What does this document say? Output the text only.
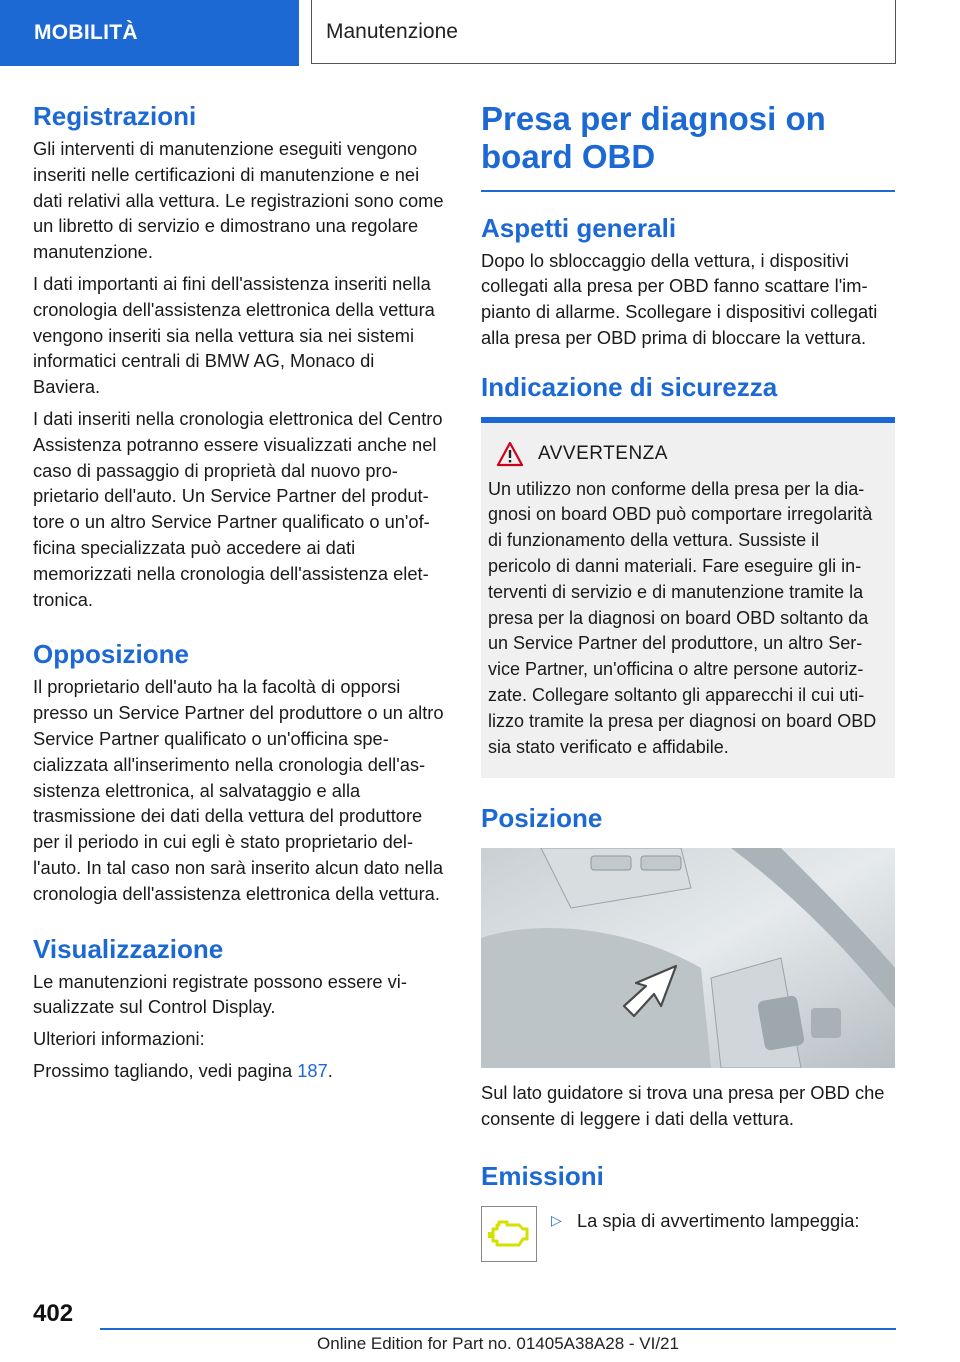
MOBILITÀ	Manutenzione
Registrazioni

Gli interventi di manutenzione eseguiti vengono inseriti nelle certificazioni di manutenzione e nei dati relativi alla vettura. Le registrazioni sono come un libretto di servizio e dimostrano una regolare manutenzione.

I dati importanti ai fini dell'assistenza inseriti nella cronologia dell'assistenza elettronica della vettura vengono inseriti sia nella vettura sia nei sistemi informatici centrali di BMW AG, Monaco di Baviera.

I dati inseriti nella cronologia elettronica del Centro Assistenza potranno essere visualizzati anche nel caso di passaggio di proprietà dal nuovo proprietario dell'auto. Un Service Partner del produttore o un altro Service Partner qualificato o un'officina specializzata può accedere ai dati memorizzati nella cronologia dell'assistenza elettronica.

Opposizione

Il proprietario dell'auto ha la facoltà di opporsi presso un Service Partner del produttore o un altro Service Partner qualificato o un'officina specializzata all'inserimento nella cronologia dell'assistenza elettronica, al salvataggio e alla trasmissione dei dati della vettura del produttore per il periodo in cui egli è stato proprietario dell'auto. In tal caso non sarà inserito alcun dato nella cronologia dell'assistenza elettronica della vettura.

Visualizzazione

Le manutenzioni registrate possono essere visualizzate sul Control Display.

Ulteriori informazioni:

Prossimo tagliando, vedi pagina 187.

Presa per diagnosi on board OBD
Aspetti generali

Dopo lo sbloccaggio della vettura, i dispositivi collegati alla presa per OBD fanno scattare l'impianto di allarme. Scollegare i dispositivi collegati alla presa per OBD prima di bloccare la vettura.

Indicazione di sicurezza
AVVERTENZA

Un utilizzo non conforme della presa per la diagnosi on board OBD può comportare irregolarità di funzionamento della vettura. Sussiste il pericolo di danni materiali. Fare eseguire gli interventi di servizio e di manutenzione tramite la presa per la diagnosi on board OBD soltanto da un Service Partner del produttore, un altro Service Partner, un'officina o altre persone autorizzate. Collegare soltanto gli apparecchi il cui utilizzo tramite la presa per diagnosi on board OBD sia stato verificato e affidabile.

Posizione

Sul lato guidatore si trova una presa per OBD che consente di leggere i dati della vettura.

Emissioni
▷ La spia di avvertimento lampeggia:

402
Online Edition for Part no. 01405A38A28 - VI/21
